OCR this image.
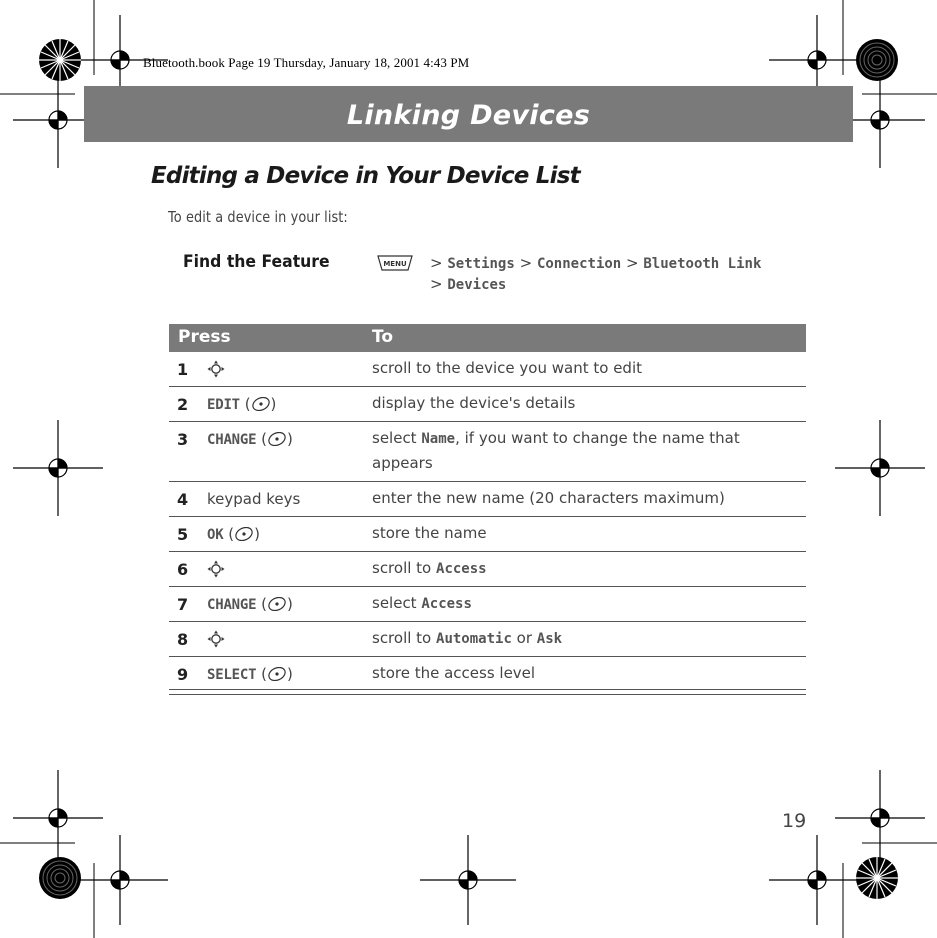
Bluetooth.book Page 19 Thursday, January 18, 2001 4:43 PM
Linking Devices
Editing a Device in Your Device List
To edit a device in your list:
Find the Feature	MENU > Settings > Connection > Bluetooth Link
> Devices
Press	To
1	scroll to the device you want to edit
2 EDIT ( )	display the device's details
3 CHANGE ( )	select Name, if you want to change the name that appears
4 keypad keys	enter the new name (20 characters maximum)
5 OK ( )	store the name
6	scroll to Access
7 CHANGE ( )	select Access
8	scroll to Automatic or Ask
9 SELECT ( )	store the access level
19
